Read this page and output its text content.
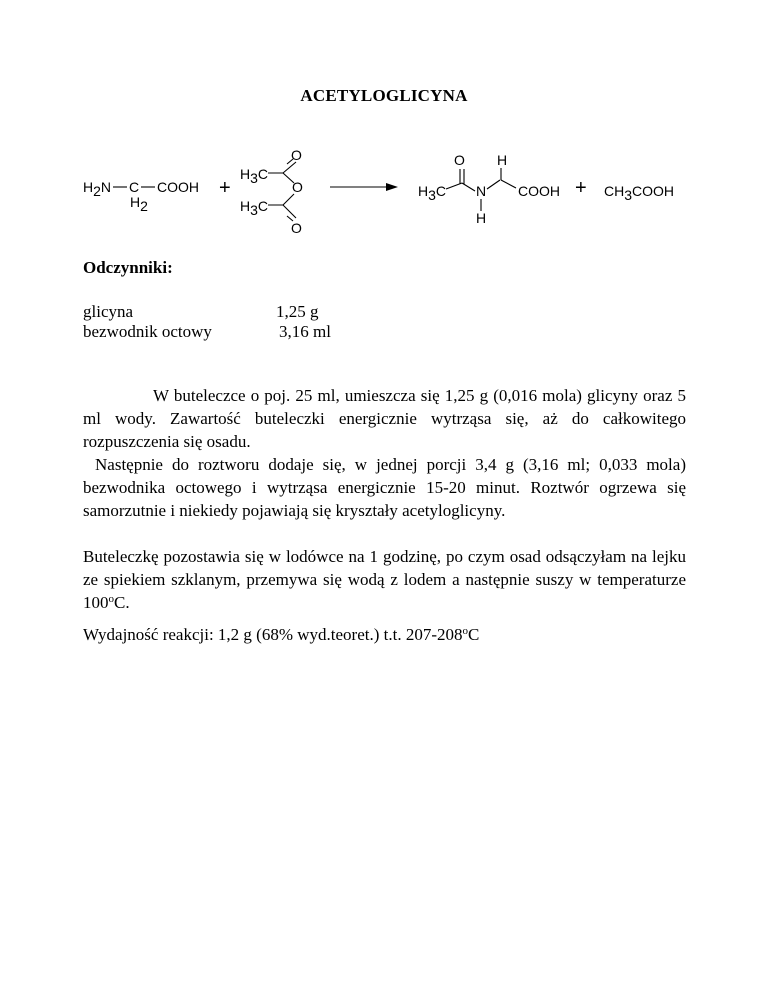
ACETYLOGLICYNA
H2N C COOH
H2
+
O
H3C
O
H3C
O
O
H3C N
H
H
COOH + CH3COOH
Odczynniki:
glicyna	1,25 g
bezwodnik octowy	3,16 ml
W buteleczce o poj. 25 ml, umieszcza się 1,25 g (0,016 mola) glicyny oraz 5 ml wody. Zawartość buteleczki energicznie wytrząsa się, aż do całkowitego rozpuszczenia się osadu.
Następnie do roztworu dodaje się, w jednej porcji 3,4 g (3,16 ml; 0,033 mola) bezwodnika octowego i wytrząsa energicznie 15-20 minut. Roztwór ogrzewa się samorzutnie i niekiedy pojawiają się kryształy acetyloglicyny.
Buteleczkę pozostawia się w lodówce na 1 godzinę, po czym osad odsączyłam na lejku ze spiekiem szklanym, przemywa się wodą z lodem a następnie suszy w temperaturze 100$^o$C.
Wydajność reakcji: 1,2 g (68% wyd.teoret.) t.t. 207-208$^o$C
